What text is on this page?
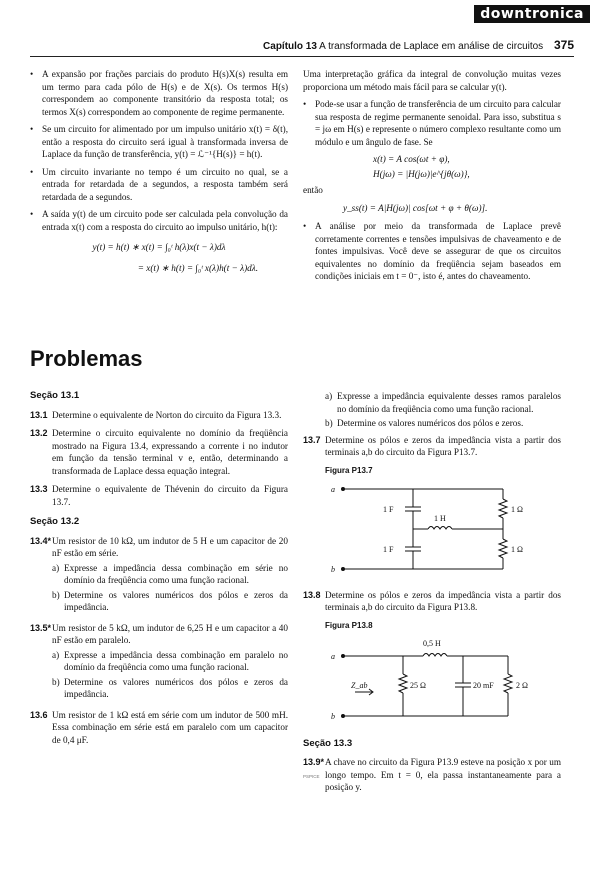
downtronica
Capítulo 13 A transformada de Laplace em análise de circuitos 375
• A expansão por frações parciais do produto H(s)X(s) resulta em um termo para cada pólo de H(s) e de X(s). Os termos H(s) correspondem ao componente transitório da resposta total; os termos X(s) correspondem ao componente de regime permanente.
• Se um circuito for alimentado por um impulso unitário x(t) = δ(t), então a resposta do circuito será igual à transformada inversa de Laplace da função de transferência, y(t) = ℒ⁻¹{H(s)} = h(t).
• Um circuito invariante no tempo é um circuito no qual, se a entrada for retardada de a segundos, a resposta também será retardada de a segundos.
• A saída y(t) de um circuito pode ser calculada pela convolução da entrada x(t) com a resposta do circuito ao impulso unitário, h(t):
y(t) = h(t) ∗ x(t) = ∫₀ᵗ h(λ)x(t − λ)dλ
= x(t) ∗ h(t) = ∫₀ᵗ x(λ)h(t − λ)dλ.

Uma interpretação gráfica da integral de convolução muitas vezes proporciona um método mais fácil para se calcular y(t).

• Pode-se usar a função de transferência de um circuito para calcular sua resposta de regime permanente senoidal. Para isso, substitua s = jω em H(s) e represente o número complexo resultante como um módulo e um ângulo de fase. Se
x(t) = A cos(ωt + φ),
H(jω) = |H(jω)|e^{jθ(ω)},

então

y_ss(t) = A|H(jω)| cos[ωt + φ + θ(ω)].
• A análise por meio da transformada de Laplace prevê corretamente correntes e tensões impulsivas de chaveamento e de fontes impulsivas. Você deve se assegurar de que os circuitos equivalentes no domínio da freqüência sejam baseados em condições iniciais em t = 0⁻, isto é, antes do chaveamento.
Problemas
Seção 13.1
13.1 Determine o equivalente de Norton do circuito da Figura 13.3.
13.2 Determine o circuito equivalente no domínio da freqüência mostrado na Figura 13.4, expressando a corrente i no indutor em função da tensão terminal v e, então, determinando a transformada de Laplace dessa equação integral.
13.3 Determine o equivalente de Thévenin do circuito da Figura 13.7.
Seção 13.2
13.4* Um resistor de 10 kΩ, um indutor de 5 H e um capacitor de 20 nF estão em série.
a) Expresse a impedância dessa combinação em série no domínio da freqüência como uma função racional.
b) Determine os valores numéricos dos pólos e zeros da impedância.
13.5* Um resistor de 5 kΩ, um indutor de 6,25 H e um capacitor a 40 nF estão em paralelo.
a) Expresse a impedância dessa combinação em paralelo no domínio da freqüência como uma função racional.
b) Determine os valores numéricos dos pólos e zeros da impedância.
13.6 Um resistor de 1 kΩ está em série com um indutor de 500 mH. Essa combinação em série está em paralelo com um capacitor de 0,4 μF.
a) Expresse a impedância equivalente desses ramos paralelos no domínio da freqüência como uma função racional.
b) Determine os valores numéricos dos pólos e zeros.
13.7 Determine os pólos e zeros da impedância vista a partir dos terminais a,b do circuito da Figura P13.7.
Figura P13.7
a
b
1 F
1 H
1 Ω
1 F	1 Ω
13.8 Determine os pólos e zeros da impedância vista a partir dos terminais a,b do circuito da Figura P13.8.
Figura P13.8
a
b
Z_ab
0,5 H
25 Ω	20 mF	2 Ω
Seção 13.3
13.9*
PSPICE
A chave no circuito da Figura P13.9 esteve na posição x por um longo tempo. Em t = 0, ela passa instantaneamente para a posição y.
